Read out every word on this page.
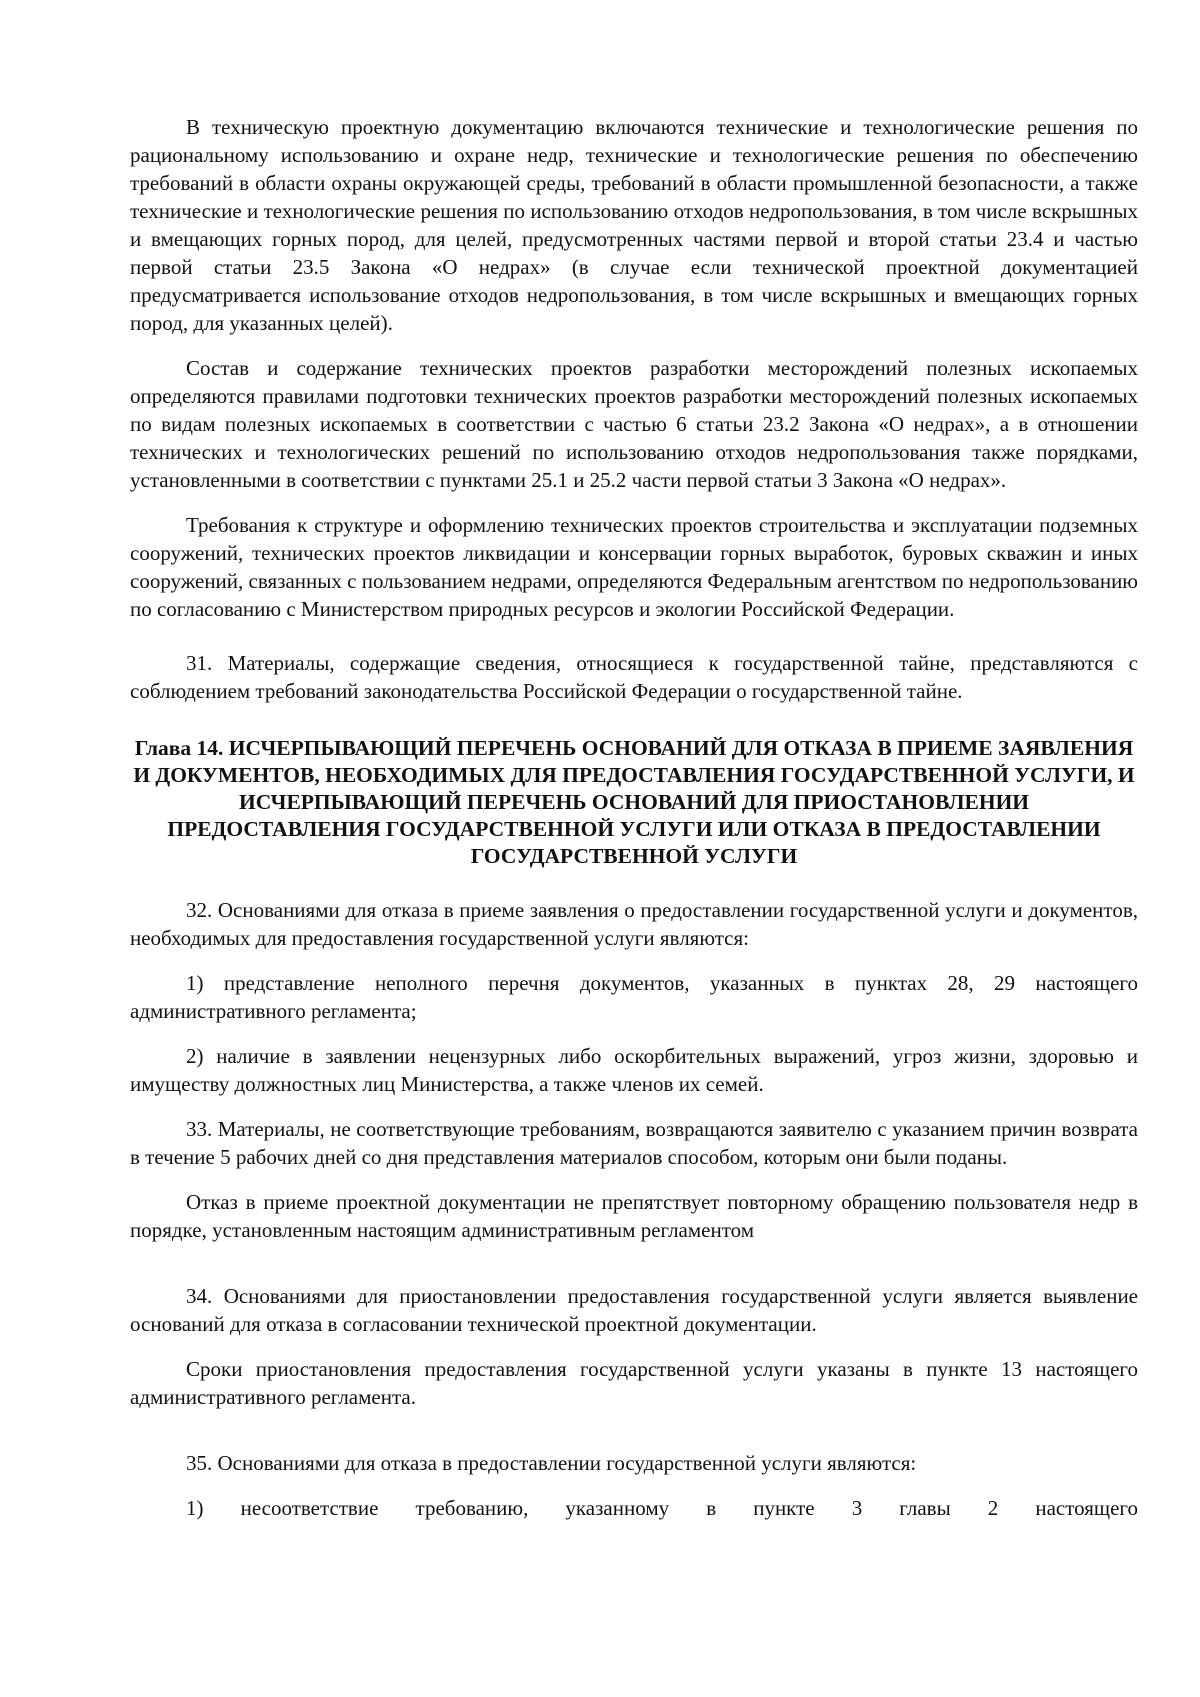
В техническую проектную документацию включаются технические и технологические решения по рациональному использованию и охране недр, технические и технологические решения по обеспечению требований в области охраны окружающей среды, требований в области промышленной безопасности, а также технические и технологические решения по использованию отходов недропользования, в том числе вскрышных и вмещающих горных пород, для целей, предусмотренных частями первой и второй статьи 23.4 и частью первой статьи 23.5 Закона «О недрах» (в случае если технической проектной документацией предусматривается использование отходов недропользования, в том числе вскрышных и вмещающих горных пород, для указанных целей).

Состав и содержание технических проектов разработки месторождений полезных ископаемых определяются правилами подготовки технических проектов разработки месторождений полезных ископаемых по видам полезных ископаемых в соответствии с частью 6 статьи 23.2 Закона «О недрах», а в отношении технических и технологических решений по использованию отходов недропользования также порядками, установленными в соответствии с пунктами 25.1 и 25.2 части первой статьи 3 Закона «О недрах».

Требования к структуре и оформлению технических проектов строительства и эксплуатации подземных сооружений, технических проектов ликвидации и консервации горных выработок, буровых скважин и иных сооружений, связанных с пользованием недрами, определяются Федеральным агентством по недропользованию по согласованию с Министерством природных ресурсов и экологии Российской Федерации.

31. Материалы, содержащие сведения, относящиеся к государственной тайне, представляются с соблюдением требований законодательства Российской Федерации о государственной тайне.

Глава 14. ИСЧЕРПЫВАЮЩИЙ ПЕРЕЧЕНЬ ОСНОВАНИЙ ДЛЯ ОТКАЗА В ПРИЕМЕ ЗАЯВЛЕНИЯ И ДОКУМЕНТОВ, НЕОБХОДИМЫХ ДЛЯ ПРЕДОСТАВЛЕНИЯ ГОСУДАРСТВЕННОЙ УСЛУГИ, И ИСЧЕРПЫВАЮЩИЙ ПЕРЕЧЕНЬ ОСНОВАНИЙ ДЛЯ ПРИОСТАНОВЛЕНИИ ПРЕДОСТАВЛЕНИЯ ГОСУДАРСТВЕННОЙ УСЛУГИ ИЛИ ОТКАЗА В ПРЕДОСТАВЛЕНИИ ГОСУДАРСТВЕННОЙ УСЛУГИ

32. Основаниями для отказа в приеме заявления о предоставлении государственной услуги и документов, необходимых для предоставления государственной услуги являются:

1) представление неполного перечня документов, указанных в пунктах 28, 29 настоящего административного регламента;

2) наличие в заявлении нецензурных либо оскорбительных выражений, угроз жизни, здоровью и имуществу должностных лиц Министерства, а также членов их семей.

33. Материалы, не соответствующие требованиям, возвращаются заявителю с указанием причин возврата в течение 5 рабочих дней со дня представления материалов способом, которым они были поданы.

Отказ в приеме проектной документации не препятствует повторному обращению пользователя недр в порядке, установленным настоящим административным регламентом

34. Основаниями для приостановлении предоставления государственной услуги является выявление оснований для отказа в согласовании технической проектной документации.

Сроки приостановления предоставления государственной услуги указаны в пункте 13 настоящего административного регламента.

35. Основаниями для отказа в предоставлении государственной услуги являются:

1) несоответствие требованию, указанному в пункте 3 главы 2 настоящего
